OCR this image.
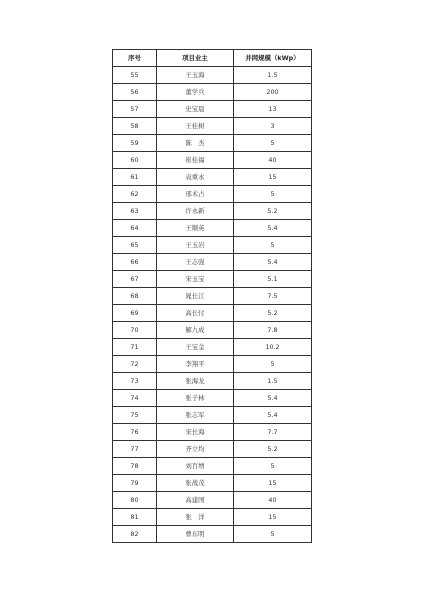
序号	项目业主	并网规模（kWp）
55	王玉海	1.5
56	董学兵	200
57	史宝晨	13
58	王桂树	3
59	陈　杰	5
60	崔桂福	40
61	袁重永	15
62	邢术占	5
63	许永新	5.2
64	王顺英	5.4
65	王玉岩	5
66	王志强	5.4
67	宋玉宝	5.1
68	晁长江	7.5
69	高长付	5.2
70	解九成	7.8
71	王宝金	10.2
72	李翔平	5
73	张海龙	1.5
74	张子林	5.4
75	张志军	5.4
76	宋长海	7.7
77	齐立均	5.2
78	刘百增	5
79	张战茂	15
80	高建国	40
81	张　洋	15
82	曹东明	5
